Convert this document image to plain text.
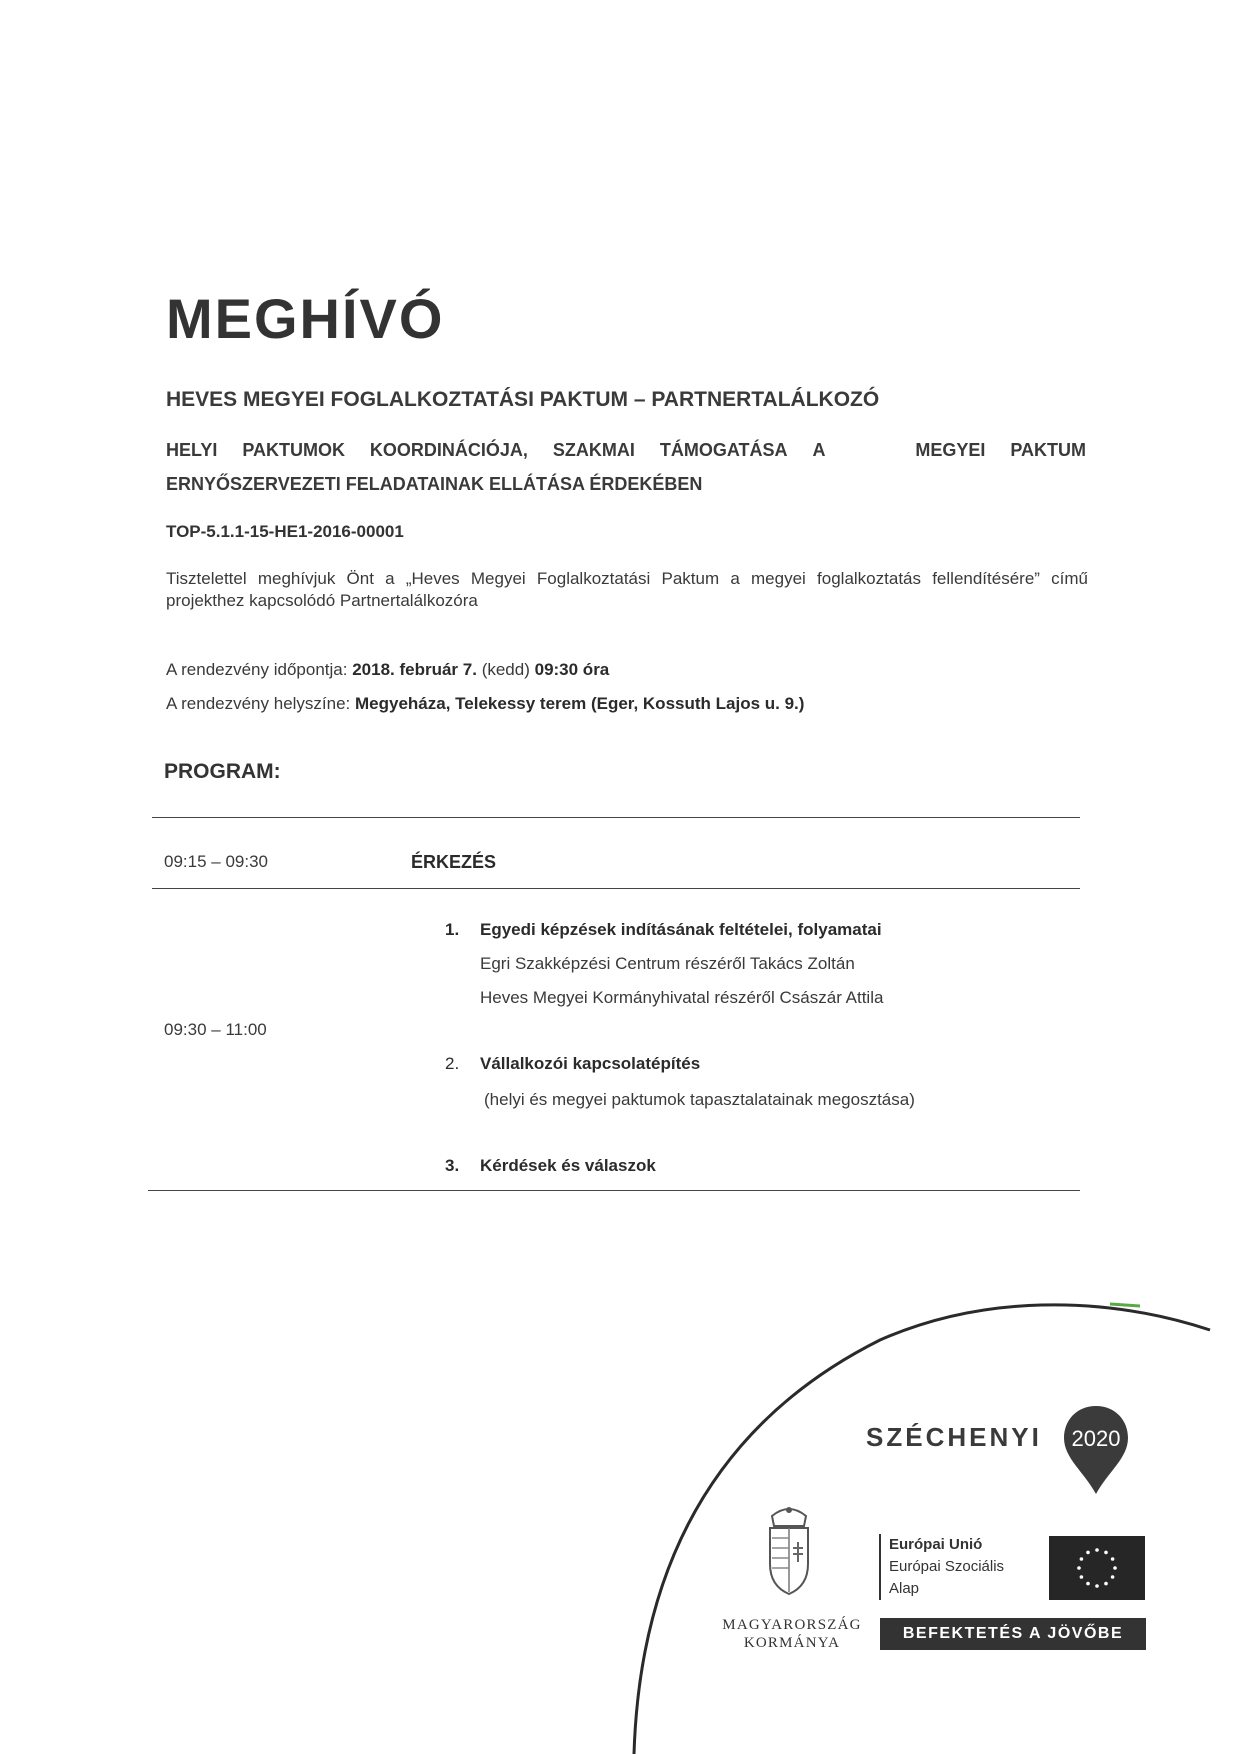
MEGHÍVÓ
HEVES MEGYEI FOGLALKOZTATÁSI PAKTUM – PARTNERTALÁLKOZÓ
HELYI PAKTUMOK KOORDINÁCIÓJA, SZAKMAI TÁMOGATÁSA A	MEGYEI PAKTUM
ERNYŐSZERVEZETI FELADATAINAK ELLÁTÁSA ÉRDEKÉBEN
TOP-5.1.1-15-HE1-2016-00001
Tisztelettel meghívjuk Önt a „Heves Megyei Foglalkoztatási Paktum a megyei foglalkoztatás fellendítésére” című projekthez kapcsolódó Partnertalálkozóra
A rendezvény időpontja: 2018. február 7. (kedd) 09:30 óra
A rendezvény helyszíne: Megyeháza, Telekessy terem (Eger, Kossuth Lajos u. 9.)
PROGRAM:
09:15 – 09:30	ÉRKEZÉS
09:30 – 11:00
1. Egyedi képzések indításának feltételei, folyamatai
Egri Szakképzési Centrum részéről Takács Zoltán
Heves Megyei Kormányhivatal részéről Császár Attila
2. Vállalkozói kapcsolatépítés
(helyi és megyei paktumok tapasztalatainak megosztása)
3. Kérdések és válaszok
SZÉCHENYI 2020
MAGYARORSZÁG
KORMÁNYA
Európai Unió
Európai Szociális
Alap
BEFEKTETÉS A JÖVŐBE
